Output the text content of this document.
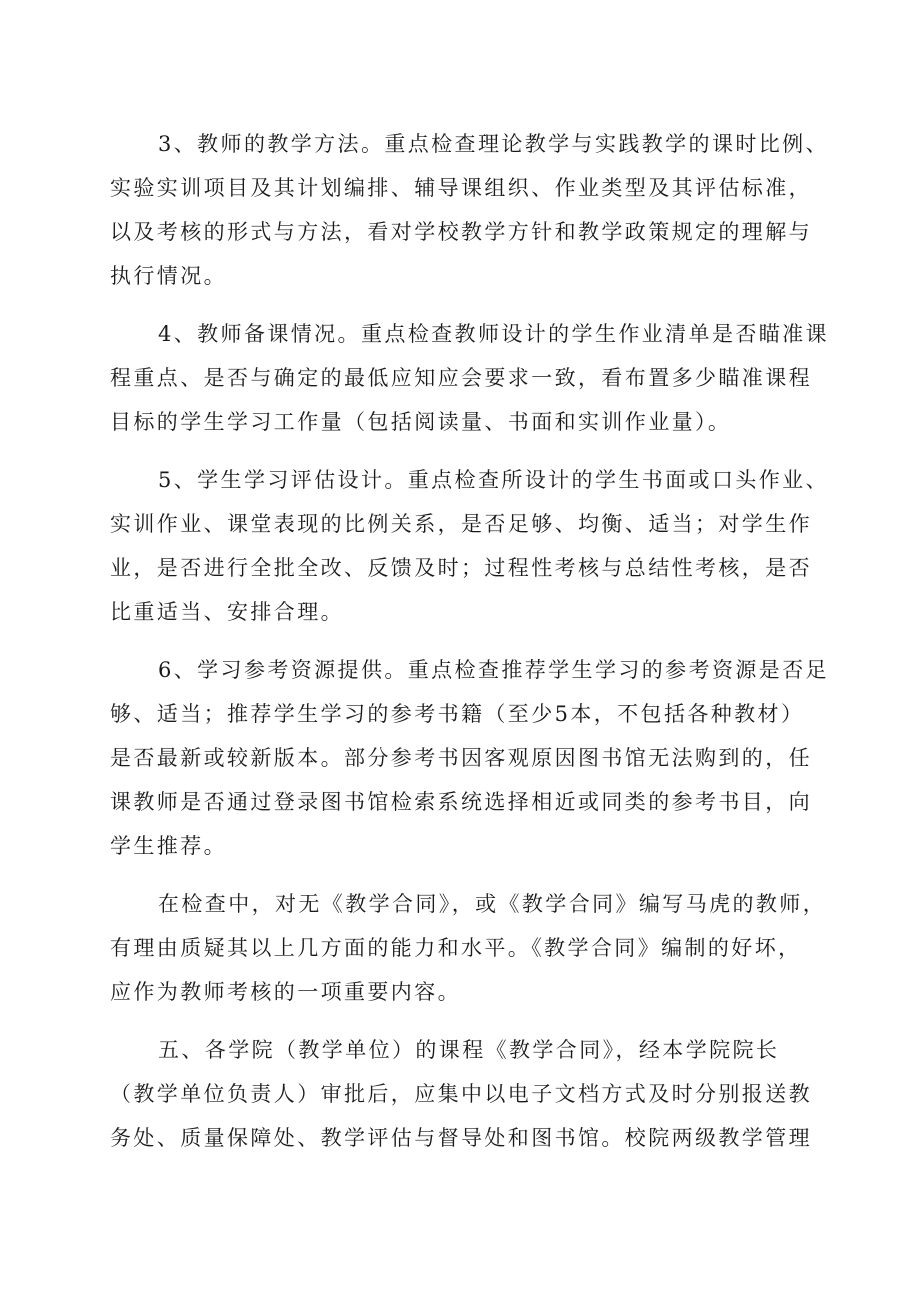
3、教师的教学方法。重点检查理论教学与实践教学的课时比例、
实验实训项目及其计划编排、辅导课组织、作业类型及其评估标准，
以及考核的形式与方法，看对学校教学方针和教学政策规定的理解与
执行情况。
4、教师备课情况。重点检查教师设计的学生作业清单是否瞄准课
程重点、是否与确定的最低应知应会要求一致，看布置多少瞄准课程
目标的学生学习工作量（包括阅读量、书面和实训作业量）。
5、学生学习评估设计。重点检查所设计的学生书面或口头作业、
实训作业、课堂表现的比例关系，是否足够、均衡、适当；对学生作
业，是否进行全批全改、反馈及时；过程性考核与总结性考核，是否
比重适当、安排合理。
6、学习参考资源提供。重点检查推荐学生学习的参考资源是否足
够、适当；推荐学生学习的参考书籍（至少5本，不包括各种教材）
是否最新或较新版本。部分参考书因客观原因图书馆无法购到的，任
课教师是否通过登录图书馆检索系统选择相近或同类的参考书目，向
学生推荐。
在检查中，对无《教学合同》，或《教学合同》编写马虎的教师，
有理由质疑其以上几方面的能力和水平。《教学合同》编制的好坏，
应作为教师考核的一项重要内容。
五、各学院（教学单位）的课程《教学合同》，经本学院院长
（教学单位负责人）审批后，应集中以电子文档方式及时分别报送教
务处、质量保障处、教学评估与督导处和图书馆。校院两级教学管理
